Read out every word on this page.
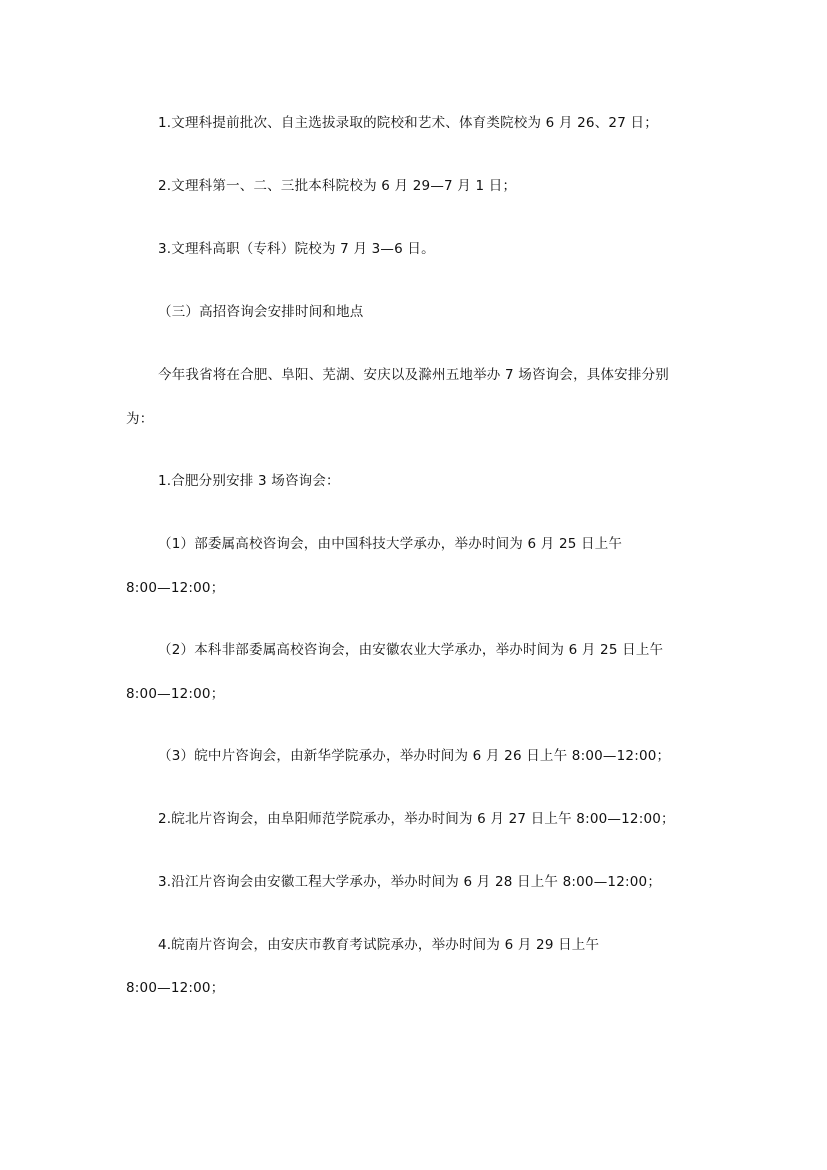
1.文理科提前批次、自主选拔录取的院校和艺术、体育类院校为 6 月 26、27 日；

2.文理科第一、二、三批本科院校为 6 月 29—7 月 1 日；

3.文理科高职（专科）院校为 7 月 3—6 日。

（三）高招咨询会安排时间和地点

今年我省将在合肥、阜阳、芜湖、安庆以及滁州五地举办 7 场咨询会，具体安排分别

为：

1.合肥分别安排 3 场咨询会：

（1）部委属高校咨询会，由中国科技大学承办，举办时间为 6 月 25 日上午

8:00—12:00；

（2）本科非部委属高校咨询会，由安徽农业大学承办，举办时间为 6 月 25 日上午

8:00—12:00；

（3）皖中片咨询会，由新华学院承办，举办时间为 6 月 26 日上午 8:00—12:00；

2.皖北片咨询会，由阜阳师范学院承办，举办时间为 6 月 27 日上午 8:00—12:00；

3.沿江片咨询会由安徽工程大学承办，举办时间为 6 月 28 日上午 8:00—12:00；

4.皖南片咨询会，由安庆市教育考试院承办，举办时间为 6 月 29 日上午

8:00—12:00；
